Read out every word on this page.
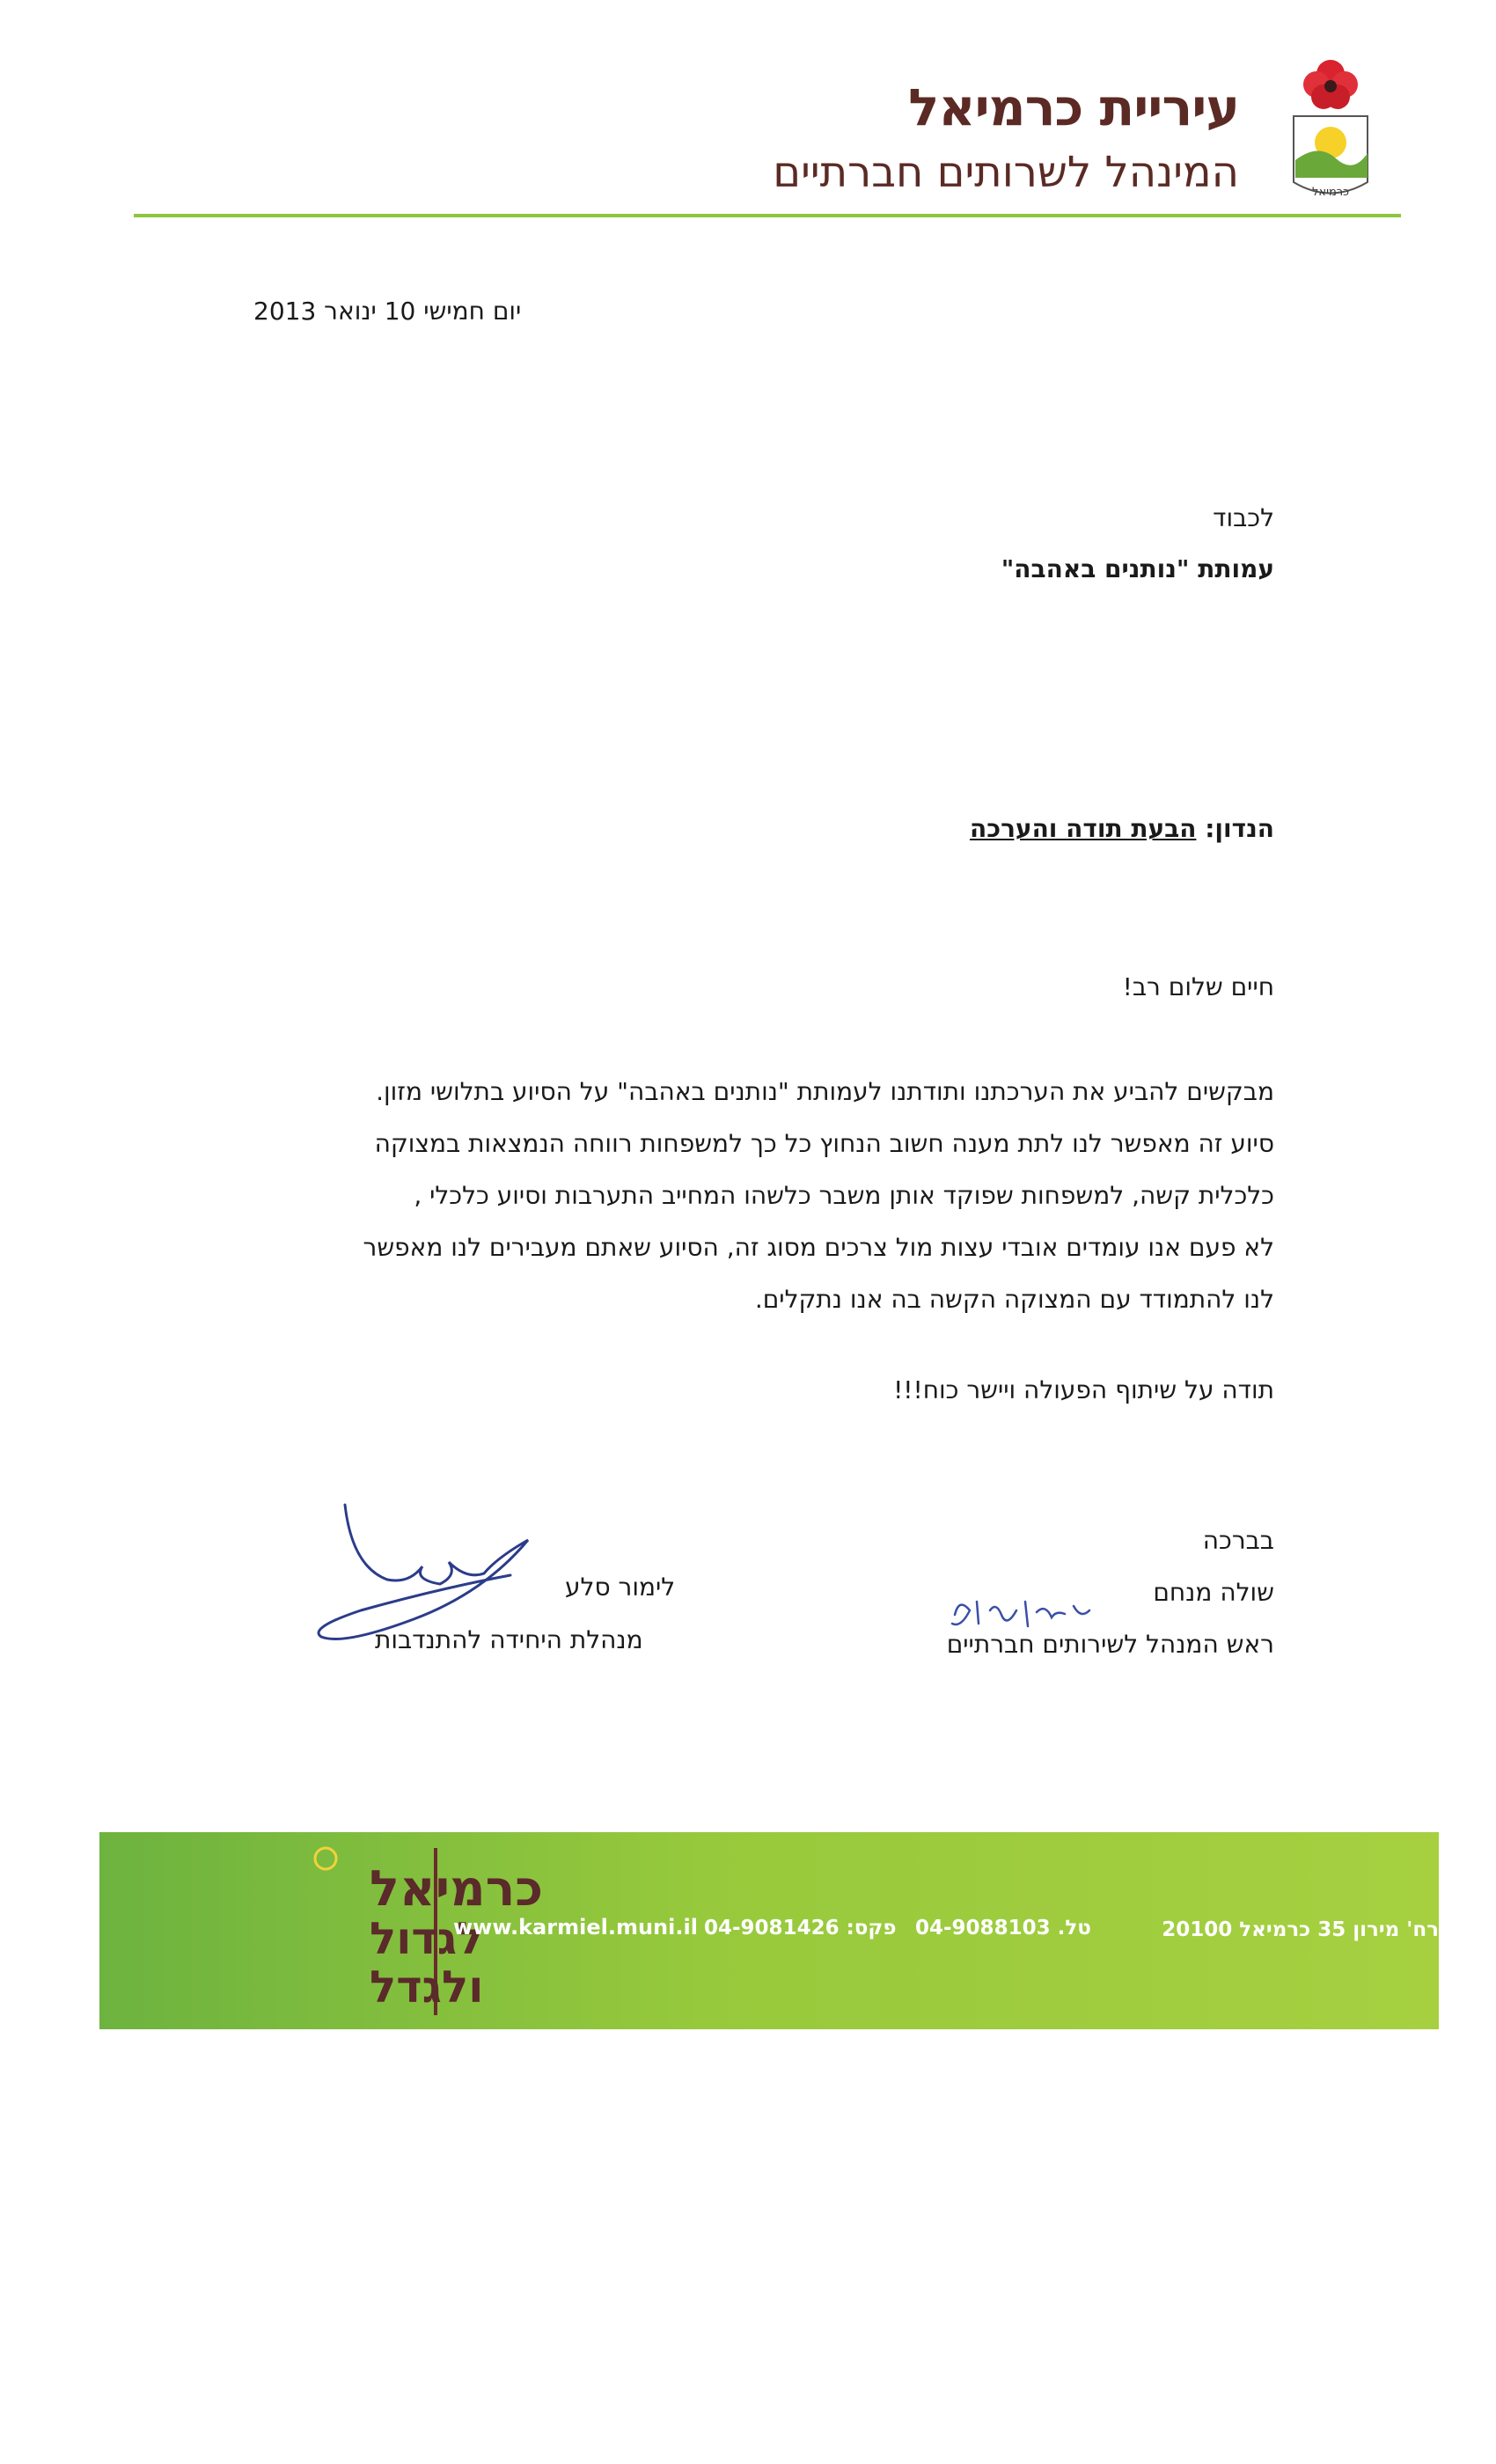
עיריית כרמיאל
המינהל לשרותים חברתיים	כרמיאל
יום חמישי 10 ינואר 2013
לכבוד
עמותת "נותנים באהבה"
הנדון: הבעת תודה והערכה
חיים שלום רב!
מבקשים להביע את הערכתנו ותודתנו לעמותת "נותנים באהבה" על הסיוע בתלושי מזון.
סיוע זה מאפשר לנו לתת מענה חשוב הנחוץ כל כך למשפחות רווחה הנמצאות במצוקה
כלכלית קשה, למשפחות שפוקד אותן משבר כלשהו המחייב התערבות וסיוע כלכלי ,
לא פעם אנו עומדים אובדי עצות מול צרכים מסוג זה, הסיוע שאתם מעבירים לנו מאפשר
לנו להתמודד עם המצוקה הקשה בה אנו נתקלים.
תודה על שיתוף הפעולה ויישר כוח!!!
בברכה
שולה מנחם
ראש המנהל לשירותים חברתיים
לימור סלע
מנהלת היחידה להתנדבות
כרמיאל
לגדול
ולגדל
www.karmiel.muni.il פקס: 04-9081426 טל. 04-9088103	רח' מירון 35 כרמיאל 20100
